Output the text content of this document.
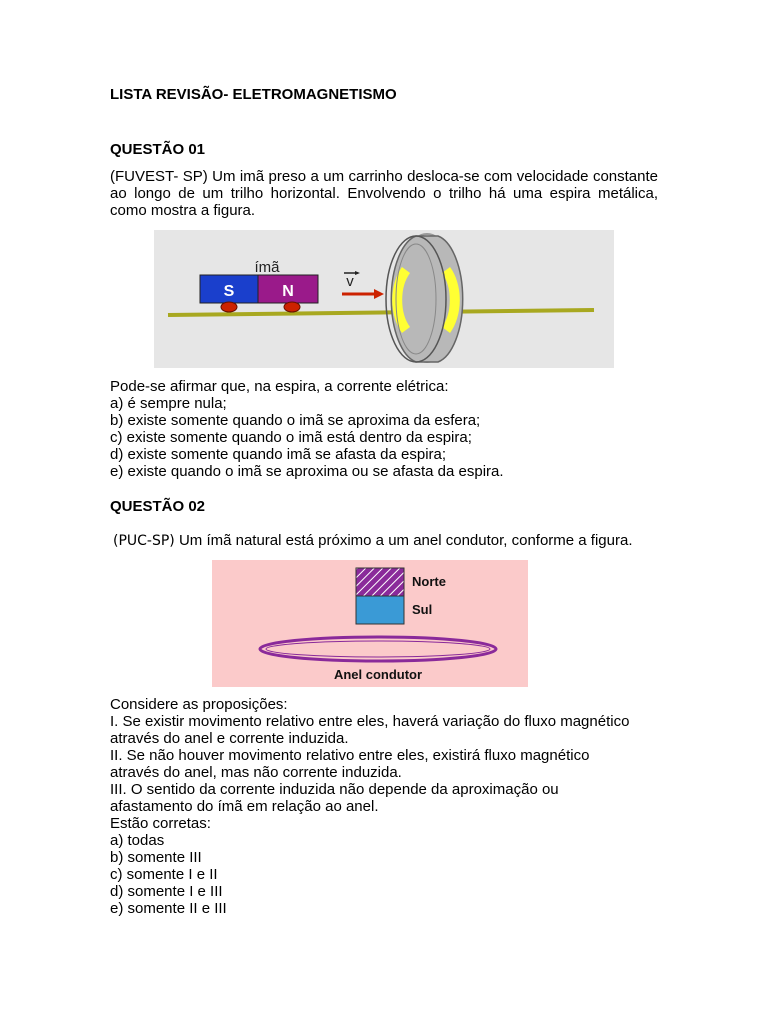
LISTA REVISÃO- ELETROMAGNETISMO
QUESTÃO 01
(FUVEST- SP) Um imã preso a um carrinho desloca-se com velocidade constante ao longo de um trilho horizontal. Envolvendo o trilho há uma espira metálica, como mostra a figura.
S	N
ímã
v
Pode-se afirmar que, na espira, a corrente elétrica:
a) é sempre nula;
b) existe somente quando o imã se aproxima da esfera;
c) existe somente quando o imã está dentro da espira;
d) existe somente quando imã se afasta da espira;
e) existe quando o imã se aproxima ou se afasta da espira.
QUESTÃO 02
(PUC-SP) Um ímã natural está próximo a um anel condutor, conforme a figura.
Norte
Sul
Anel condutor
Considere as proposições:
I. Se existir movimento relativo entre eles, haverá variação do fluxo magnético
através do anel e corrente induzida.
II. Se não houver movimento relativo entre eles, existirá fluxo magnético
através do anel, mas não corrente induzida.
III. O sentido da corrente induzida não depende da aproximação ou
afastamento do ímã em relação ao anel.
Estão corretas:
a) todas
b) somente III
c) somente I e II
d) somente I e III
e) somente II e III
